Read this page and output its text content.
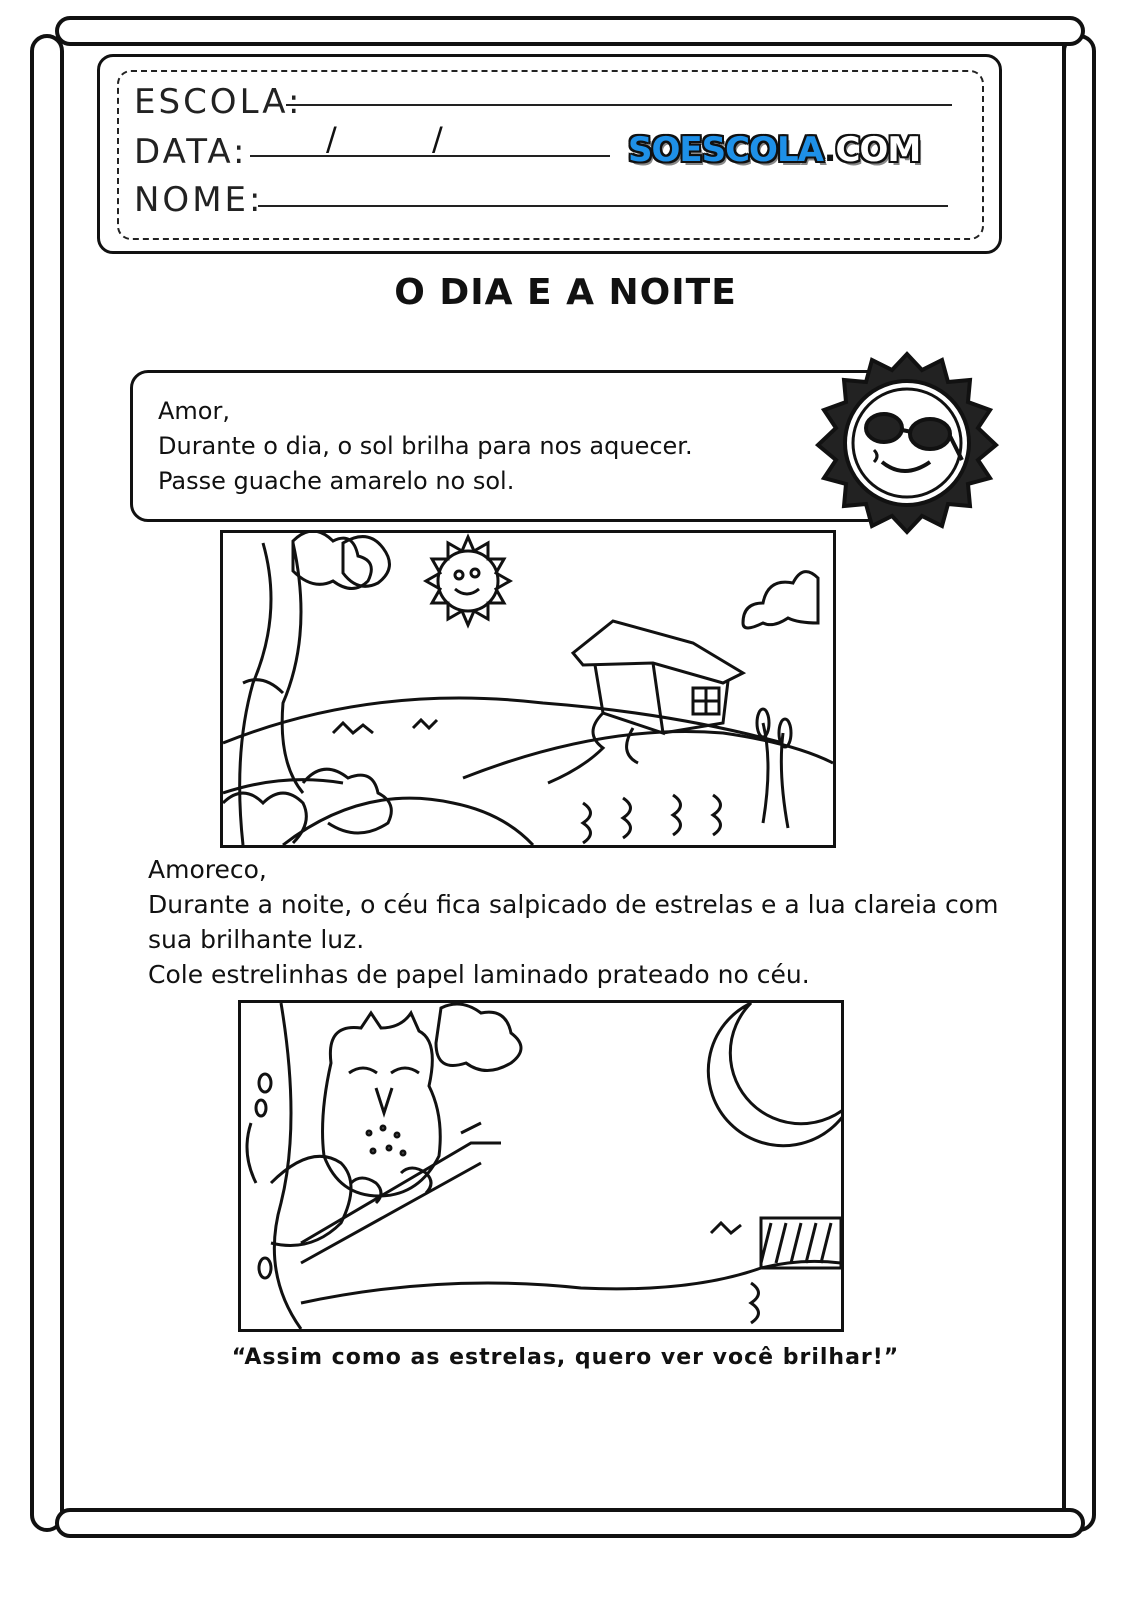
ESCOLA:
DATA: /	/	SOESCOLA.COM
NOME:
O DIA E A NOITE
Amor,
Durante o dia, o sol brilha para nos aquecer.
Passe guache amarelo no sol.
Amoreco,
Durante a noite, o céu fica salpicado de estrelas e a lua clareia com
sua brilhante luz.
Cole estrelinhas de papel laminado prateado no céu.
“Assim como as estrelas, quero ver você brilhar!”
